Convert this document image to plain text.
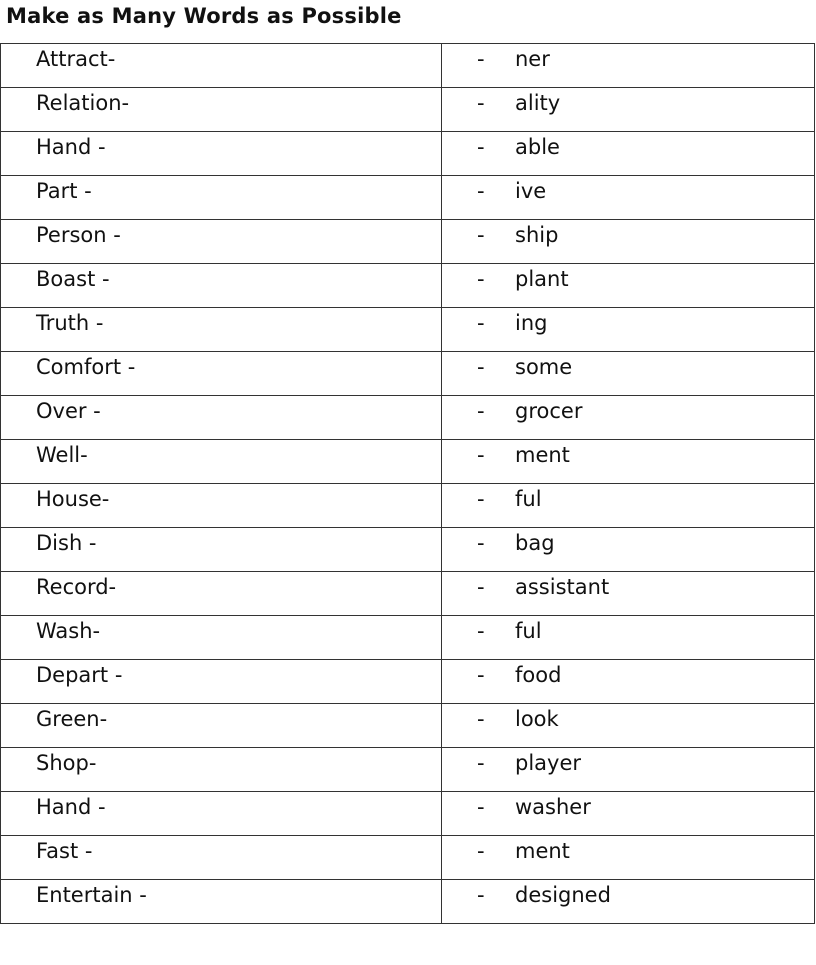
Make as Many Words as Possible
Attract-	- ner

Relation-	- ality

Hand -	- able

Part -	- ive

Person -	- ship

Boast -	- plant

Truth -	- ing

Comfort -	- some

Over -	- grocer

Well-	- ment

House-	- ful

Dish -	- bag

Record-	- assistant

Wash-	- ful

Depart -	- food

Green-	- look

Shop-	- player

Hand -	- washer

Fast -	- ment

Entertain -	- designed
